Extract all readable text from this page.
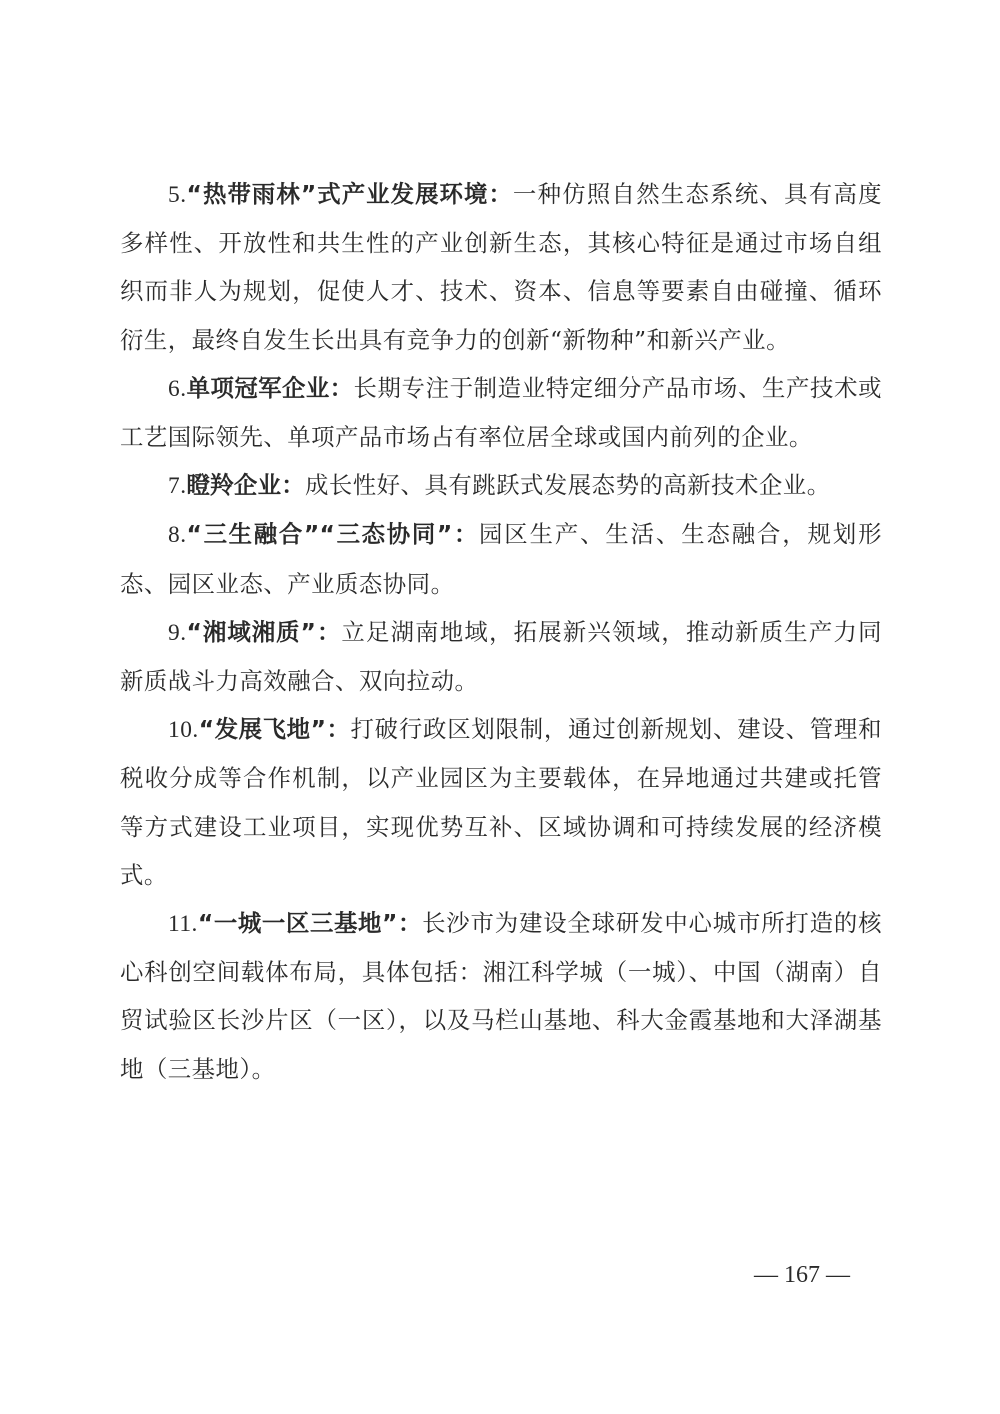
5.“热带雨林”式产业发展环境：一种仿照自然生态系统、具有高度多样性、开放性和共生性的产业创新生态，其核心特征是通过市场自组织而非人为规划，促使人才、技术、资本、信息等要素自由碰撞、循环衍生，最终自发生长出具有竞争力的创新“新物种”和新兴产业。

6.单项冠军企业：长期专注于制造业特定细分产品市场、生产技术或工艺国际领先、单项产品市场占有率位居全球或国内前列的企业。

7.瞪羚企业：成长性好、具有跳跃式发展态势的高新技术企业。

8.“三生融合”“三态协同”：园区生产、生活、生态融合，规划形态、园区业态、产业质态协同。

9.“湘域湘质”：立足湖南地域，拓展新兴领域，推动新质生产力同新质战斗力高效融合、双向拉动。

10.“发展飞地”：打破行政区划限制，通过创新规划、建设、管理和税收分成等合作机制，以产业园区为主要载体，在异地通过共建或托管等方式建设工业项目，实现优势互补、区域协调和可持续发展的经济模式。

11.“一城一区三基地”：长沙市为建设全球研发中心城市所打造的核心科创空间载体布局，具体包括：湘江科学城（一城）、中国（湖南）自贸试验区长沙片区（一区），以及马栏山基地、科大金霞基地和大泽湖基地（三基地）。

— 167 —
